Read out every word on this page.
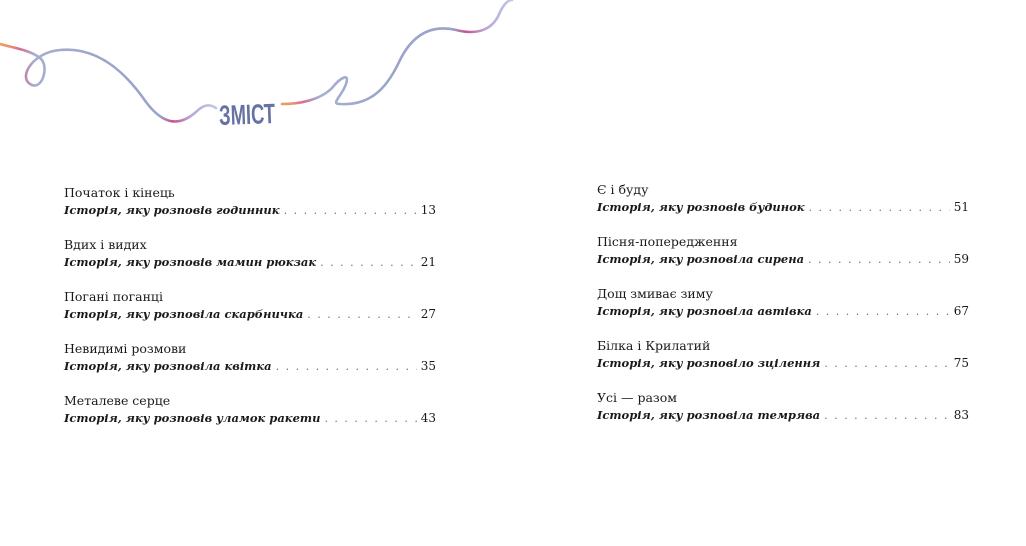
ЗМІСТ
Початок і кінець
Історія, яку розповів годинник . . .	13
Вдих і видих
Історія, яку розповів мамин рюкзак . . .	21
Погані поганці
Історія, яку розповіла скарбничка . . .	27
Невидимі розмови
Історія, яку розповіла квітка . . .	35
Металеве серце
Історія, яку розповів уламок ракети . . .	43
Є і буду
Історія, яку розповів будинок . . .	51
Пісня-попередження
Історія, яку розповіла сирена . . .	59
Дощ змиває зиму
Історія, яку розповіла автівка . . .	67
Білка і Крилатий
Історія, яку розповіло зцілення . . .	75
Усі — разом
Історія, яку розповіла темрява . . .	83
